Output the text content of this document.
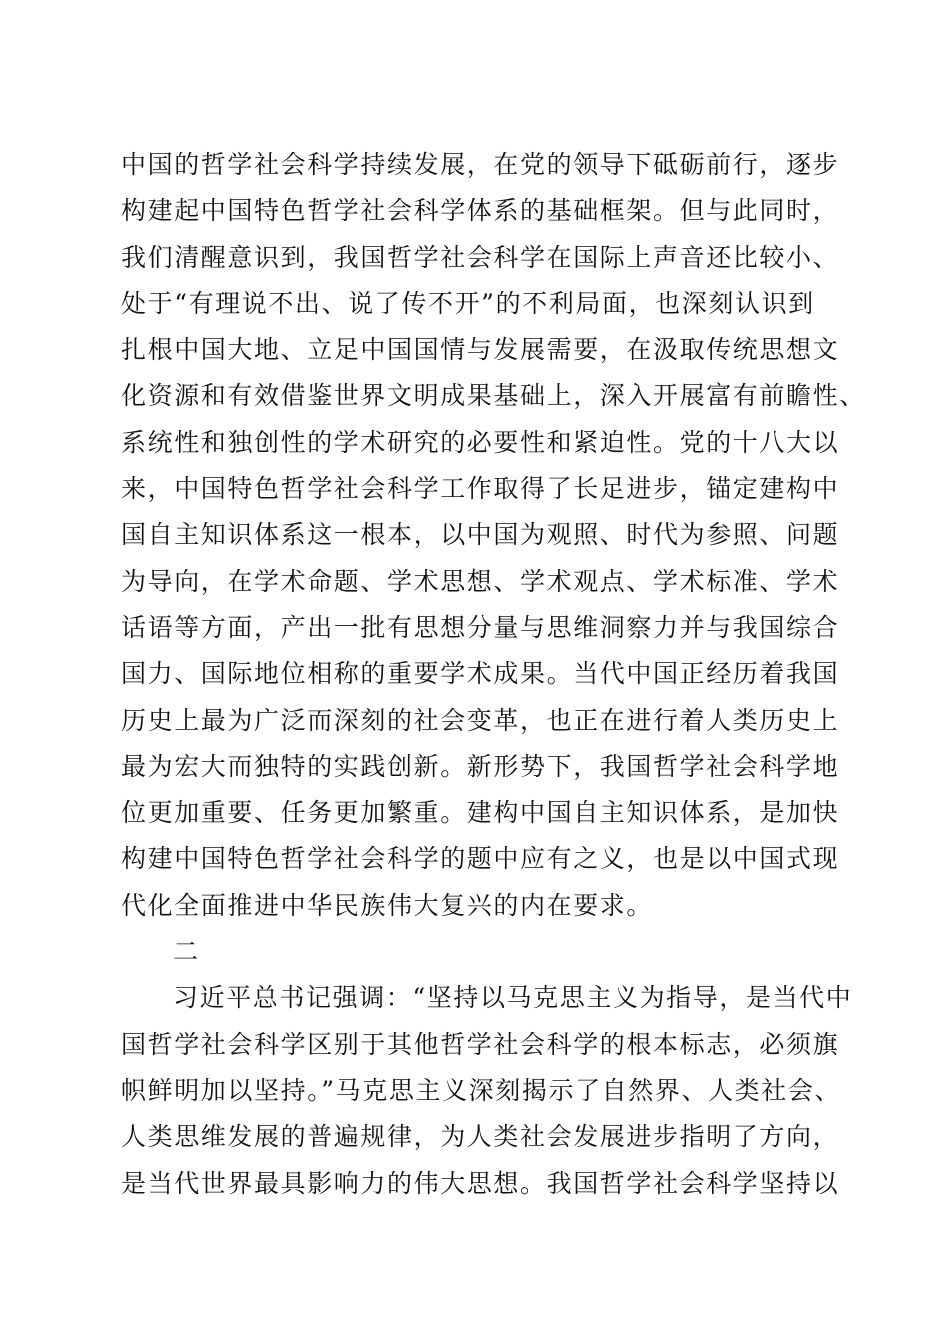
中国的哲学社会科学持续发展，在党的领导下砥砺前行，逐步
构建起中国特色哲学社会科学体系的基础框架。但与此同时，
我们清醒意识到，我国哲学社会科学在国际上声音还比较小、
处于“有理说不出、说了传不开”的不利局面，也深刻认识到
扎根中国大地、立足中国国情与发展需要，在汲取传统思想文
化资源和有效借鉴世界文明成果基础上，深入开展富有前瞻性、
系统性和独创性的学术研究的必要性和紧迫性。党的十八大以
来，中国特色哲学社会科学工作取得了长足进步，锚定建构中
国自主知识体系这一根本，以中国为观照、时代为参照、问题
为导向，在学术命题、学术思想、学术观点、学术标准、学术
话语等方面，产出一批有思想分量与思维洞察力并与我国综合
国力、国际地位相称的重要学术成果。当代中国正经历着我国
历史上最为广泛而深刻的社会变革，也正在进行着人类历史上
最为宏大而独特的实践创新。新形势下，我国哲学社会科学地
位更加重要、任务更加繁重。建构中国自主知识体系，是加快
构建中国特色哲学社会科学的题中应有之义，也是以中国式现
代化全面推进中华民族伟大复兴的内在要求。
二
习近平总书记强调：“坚持以马克思主义为指导，是当代中
国哲学社会科学区别于其他哲学社会科学的根本标志，必须旗
帜鲜明加以坚持。”马克思主义深刻揭示了自然界、人类社会、
人类思维发展的普遍规律，为人类社会发展进步指明了方向，
是当代世界最具影响力的伟大思想。我国哲学社会科学坚持以
